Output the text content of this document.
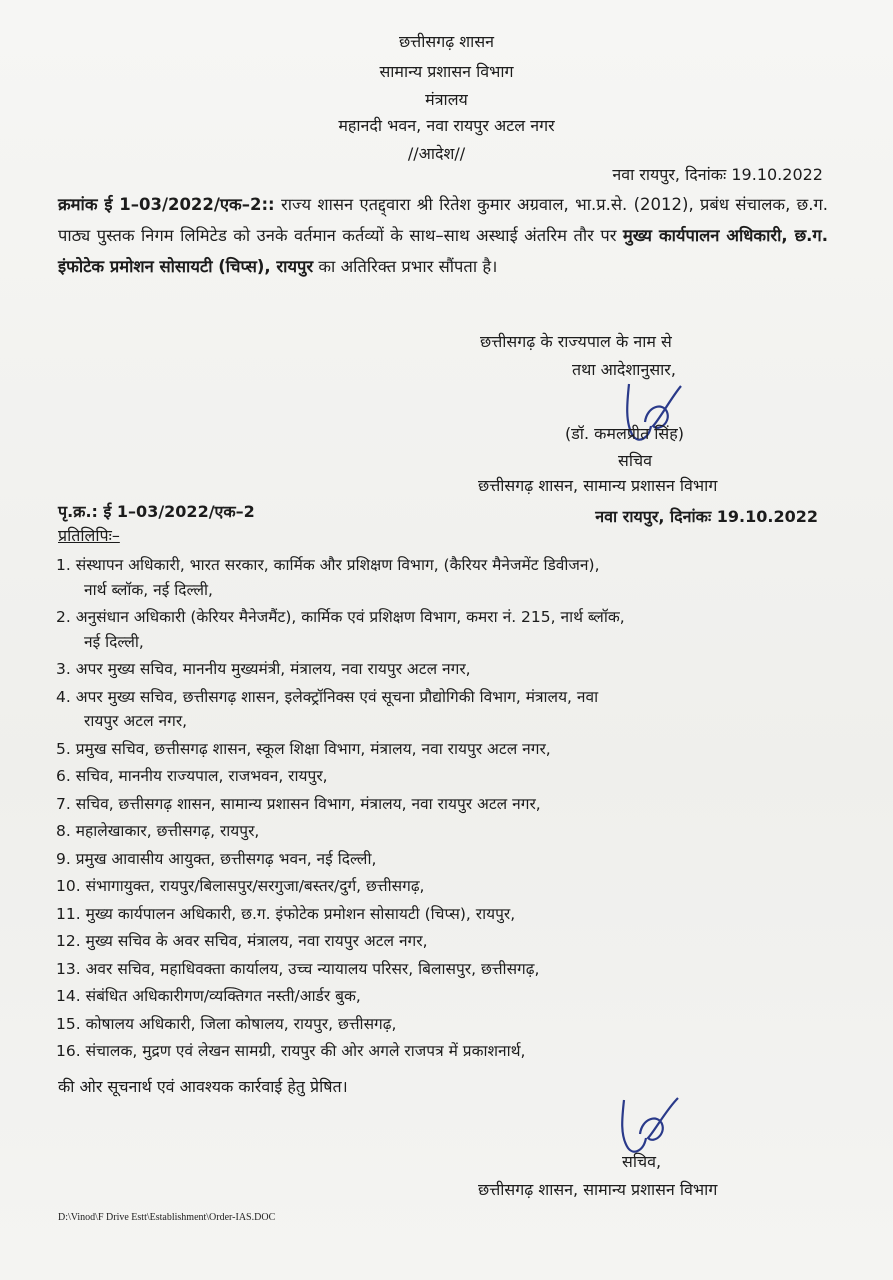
छत्तीसगढ़ शासन
सामान्य प्रशासन विभाग
मंत्रालय
महानदी भवन, नवा रायपुर अटल नगर
//आदेश//
नवा रायपुर, दिनांकः 19.10.2022
क्रमांक ई 1–03/2022/एक–2:: राज्य शासन एतद्द्वारा श्री रितेश कुमार अग्रवाल, भा.प्र.से. (2012), प्रबंध संचालक, छ.ग. पाठ्य पुस्तक निगम लिमिटेड को उनके वर्तमान कर्तव्यों के साथ–साथ अस्थाई अंतरिम तौर पर मुख्य कार्यपालन अधिकारी, छ.ग. इंफोटेक प्रमोशन सोसायटी (चिप्स), रायपुर का अतिरिक्त प्रभार सौंपता है।
छत्तीसगढ़ के राज्यपाल के नाम से
तथा आदेशानुसार,
(डॉ. कमलप्रीत सिंह)
सचिव
छत्तीसगढ़ शासन, सामान्य प्रशासन विभाग
पृ.क्र.: ई 1–03/2022/एक–2	नवा रायपुर, दिनांकः 19.10.2022
प्रतिलिपिः–
1. संस्थापन अधिकारी, भारत सरकार, कार्मिक और प्रशिक्षण विभाग, (कैरियर मैनेजमेंट डिवीजन),
नार्थ ब्लॉक, नई दिल्ली,
2. अनुसंधान अधिकारी (केरियर मैनेजमैंट), कार्मिक एवं प्रशिक्षण विभाग, कमरा नं. 215, नार्थ ब्लॉक,
नई दिल्ली,
3. अपर मुख्य सचिव, माननीय मुख्यमंत्री, मंत्रालय, नवा रायपुर अटल नगर,
4. अपर मुख्य सचिव, छत्तीसगढ़ शासन, इलेक्ट्रॉनिक्स एवं सूचना प्रौद्योगिकी विभाग, मंत्रालय, नवा
रायपुर अटल नगर,
5. प्रमुख सचिव, छत्तीसगढ़ शासन, स्कूल शिक्षा विभाग, मंत्रालय, नवा रायपुर अटल नगर,
6. सचिव, माननीय राज्यपाल, राजभवन, रायपुर,
7. सचिव, छत्तीसगढ़ शासन, सामान्य प्रशासन विभाग, मंत्रालय, नवा रायपुर अटल नगर,
8. महालेखाकार, छत्तीसगढ़, रायपुर,
9. प्रमुख आवासीय आयुक्त, छत्तीसगढ़ भवन, नई दिल्ली,
10. संभागायुक्त, रायपुर/बिलासपुर/सरगुजा/बस्तर/दुर्ग, छत्तीसगढ़,
11. मुख्य कार्यपालन अधिकारी, छ.ग. इंफोटेक प्रमोशन सोसायटी (चिप्स), रायपुर,
12. मुख्य सचिव के अवर सचिव, मंत्रालय, नवा रायपुर अटल नगर,
13. अवर सचिव, महाधिवक्ता कार्यालय, उच्च न्यायालय परिसर, बिलासपुर, छत्तीसगढ़,
14. संबंधित अधिकारीगण/व्यक्तिगत नस्ती/आर्डर बुक,
15. कोषालय अधिकारी, जिला कोषालय, रायपुर, छत्तीसगढ़,
16. संचालक, मुद्रण एवं लेखन सामग्री, रायपुर की ओर अगले राजपत्र में प्रकाशनार्थ,
की ओर सूचनार्थ एवं आवश्यक कार्रवाई हेतु प्रेषित।
सचिव,
छत्तीसगढ़ शासन, सामान्य प्रशासन विभाग
D:\Vinod\F Drive Estt\Establishment\Order-IAS.DOC
